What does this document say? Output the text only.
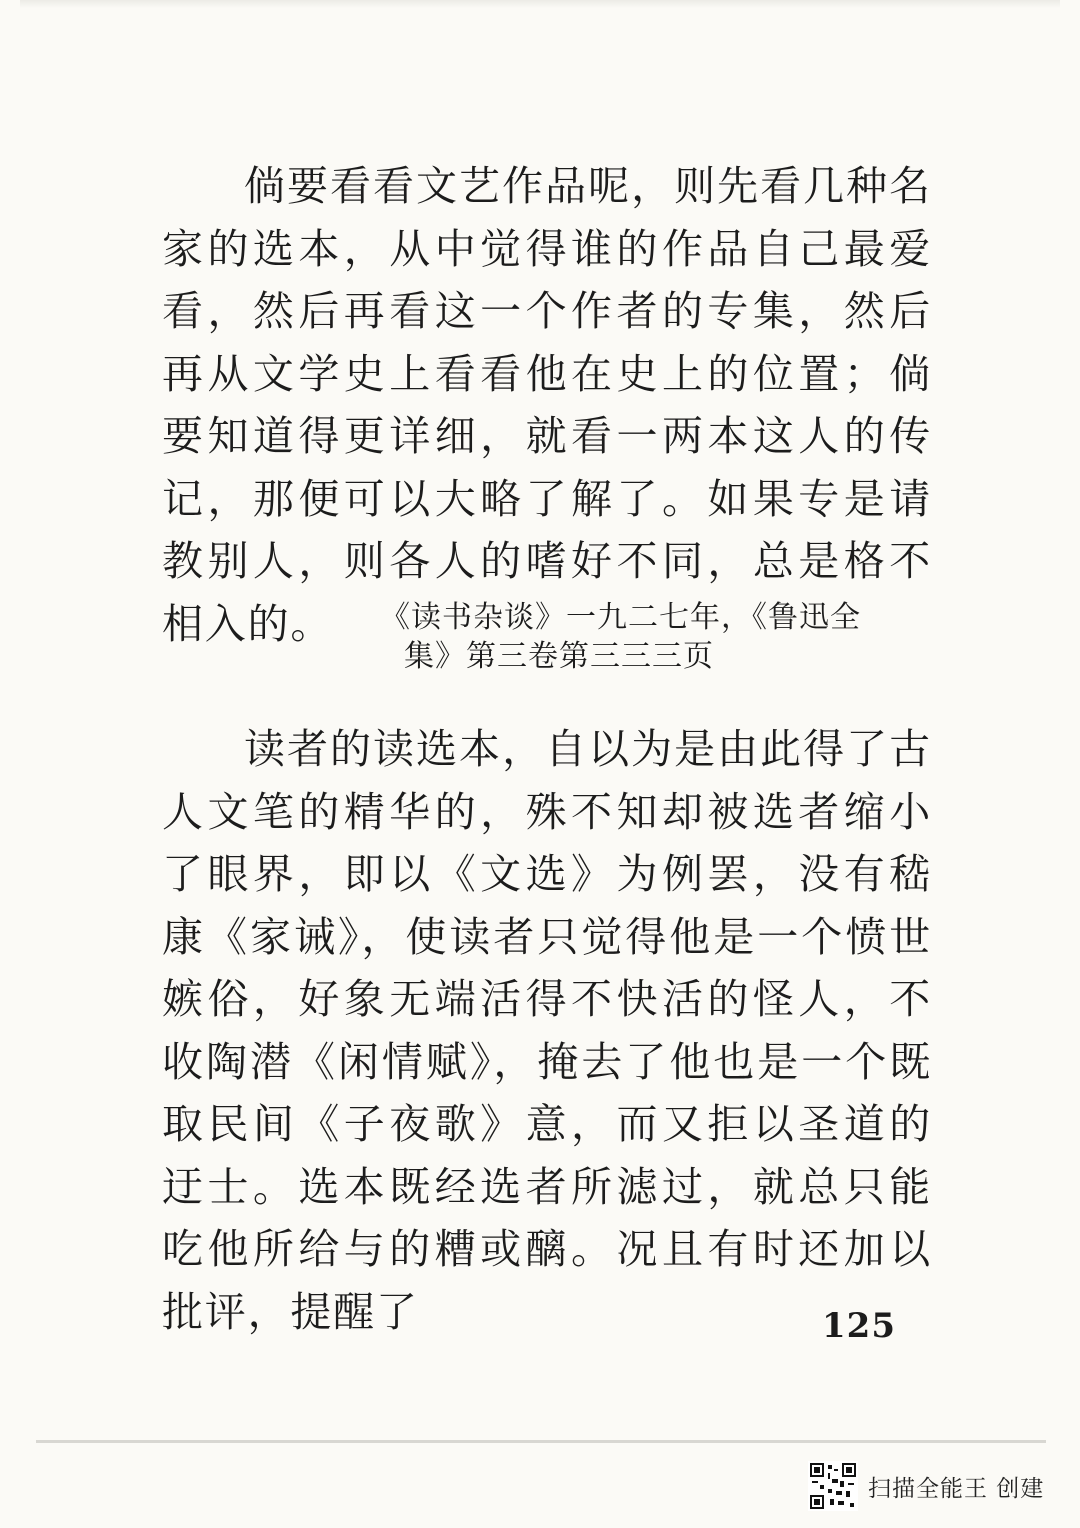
倘要看看文艺作品呢，则先看几种名家的选本，从中觉得谁的作品自己最爱看，然后再看这一个作者的专集，然后再从文学史上看看他在史上的位置；倘要知道得更详细，就看一两本这人的传记，那便可以大略了解了。如果专是请教别人，则各人的嗜好不同，总是格不相入的。	《读书杂谈》一九二七年，《鲁迅全
集》第三卷第三三三页

读者的读选本，自以为是由此得了古人文笔的精华的，殊不知却被选者缩小了眼界，即以《文选》为例罢，没有嵇康《家诫》，使读者只觉得他是一个愤世嫉俗，好象无端活得不快活的怪人，不收陶潜《闲情赋》，掩去了他也是一个既取民间《子夜歌》意，而又拒以圣道的迂士。选本既经选者所滤过，就总只能吃他所给与的糟或醨。况且有时还加以批评，提醒了	125
扫描全能王 创建
